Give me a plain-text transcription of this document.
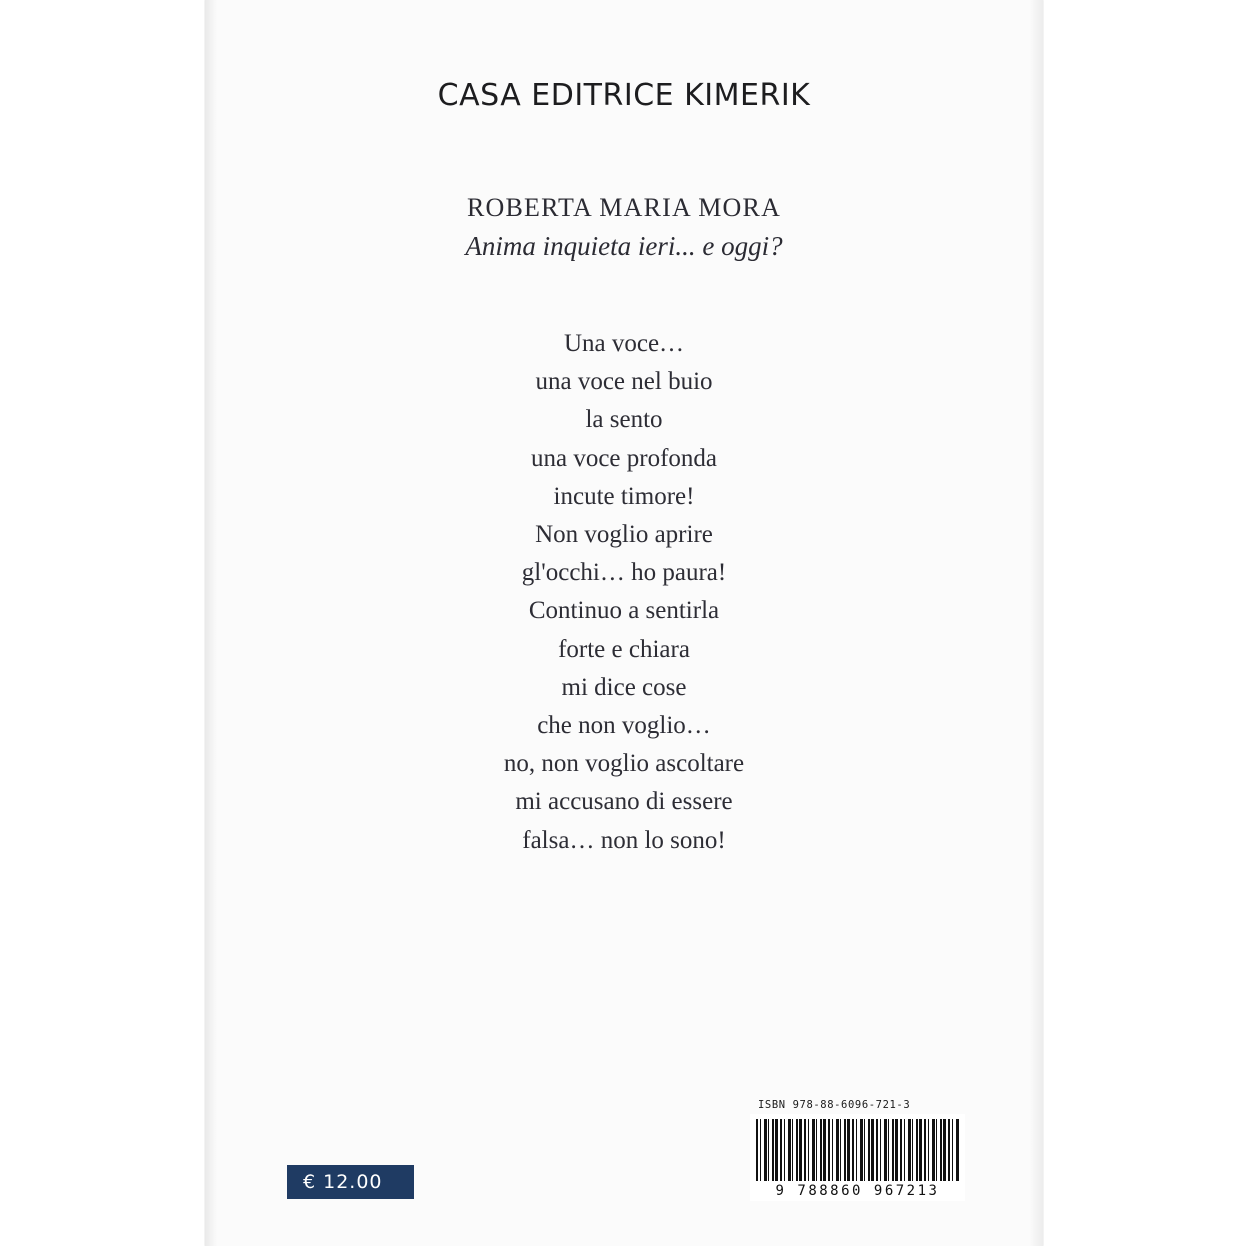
CASA EDITRICE KIMERIK
ROBERTA MARIA MORA
Anima inquieta ieri... e oggi?
Una voce…
una voce nel buio
la sento
una voce profonda
incute timore!
Non voglio aprire
gl'occhi… ho paura!
Continuo a sentirla
forte e chiara
mi dice cose
che non voglio…
no, non voglio ascoltare
mi accusano di essere
falsa… non lo sono!
€ 12.00
ISBN 978-88-6096-721-3
9 788860 967213
